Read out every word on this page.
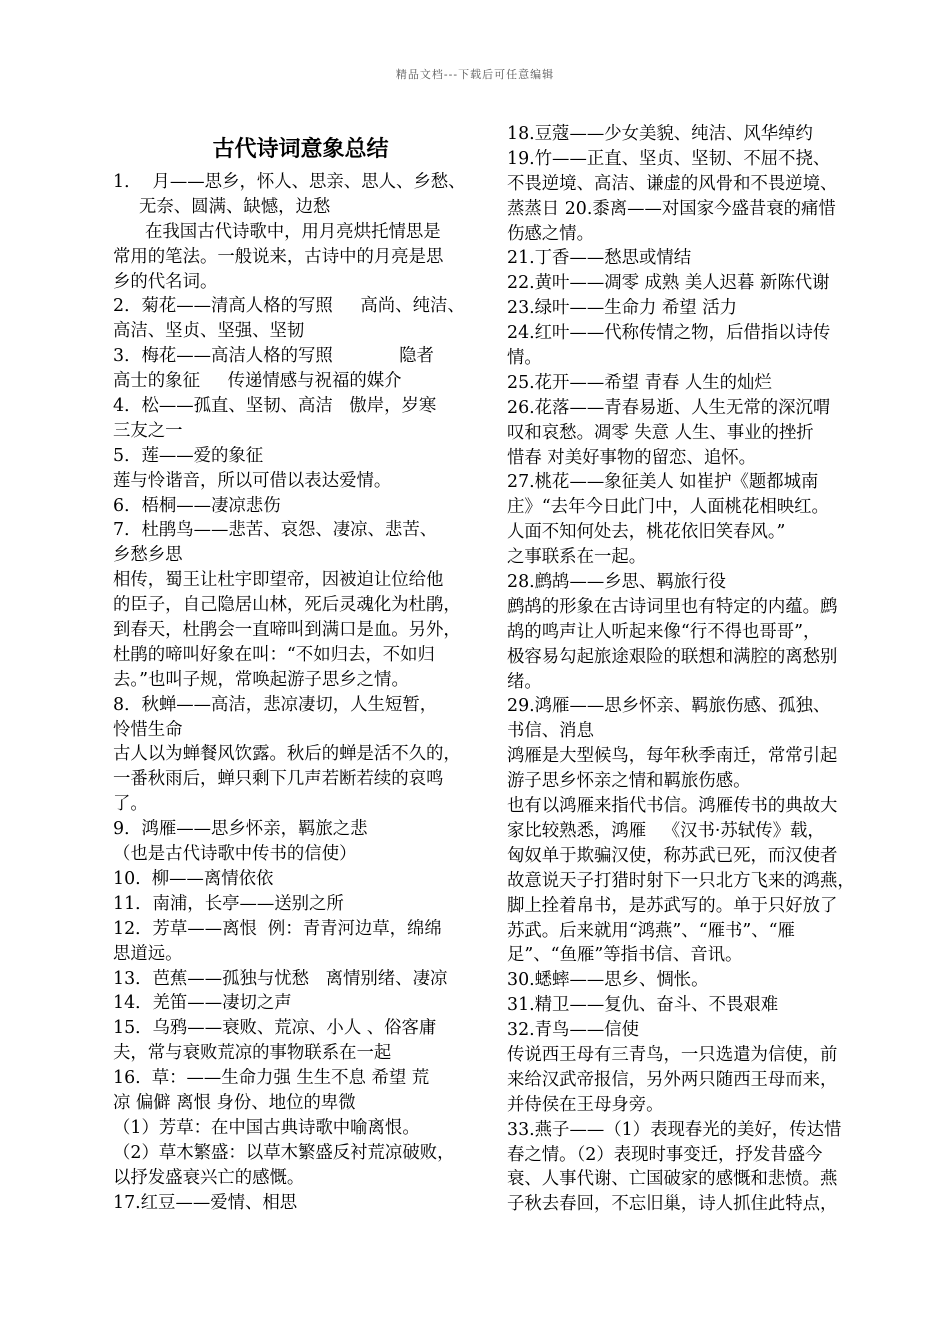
精品文档---下载后可任意编辑
古代诗词意象总结
1．  月——思乡，怀人、思亲、思人、乡愁、
无奈、圆满、缺憾，边愁
在我国古代诗歌中，用月亮烘托情思是
常用的笔法。一般说来，古诗中的月亮是思
乡的代名词。
2．菊花——清高人格的写照     高尚、纯洁、
高洁、坚贞、坚强、坚韧
3．梅花——高洁人格的写照            隐者
高士的象征     传递情感与祝福的媒介
4．松——孤直、坚韧、高洁   傲岸，岁寒
三友之一
5．莲——爱的象征
莲与怜谐音，所以可借以表达爱情。
6．梧桐——凄凉悲伤
7．杜鹃鸟——悲苦、哀怨、凄凉、悲苦、
乡愁乡思
相传，蜀王让杜宇即望帝，因被迫让位给他
的臣子，自己隐居山林，死后灵魂化为杜鹃，
到春天，杜鹃会一直啼叫到满口是血。另外，
杜鹃的啼叫好象在叫：“不如归去，不如归
去。”也叫子规，常唤起游子思乡之情。
8．秋蝉——高洁，悲凉凄切，人生短暂，
怜惜生命
古人以为蝉餐风饮露。秋后的蝉是活不久的，
一番秋雨后，蝉只剩下几声若断若续的哀鸣
了。
9．鸿雁——思乡怀亲，羁旅之悲
（也是古代诗歌中传书的信使）
10.  柳——离情依依
11．南浦，长亭——送别之所
12．芳草——离恨  例：青青河边草，绵绵
思道远。
13．芭蕉——孤独与忧愁   离情别绪、凄凉
14．羌笛——凄切之声
15．乌鸦——衰败、荒凉、小人 、俗客庸
夫，常与衰败荒凉的事物联系在一起
16.  草：——生命力强 生生不息 希望 荒
凉 偏僻 离恨 身份、地位的卑微
（1）芳草：在中国古典诗歌中喻离恨。
（2）草木繁盛：以草木繁盛反衬荒凉破败，
以抒发盛衰兴亡的感慨。
17.红豆——爱情、相思
18.豆蔻——少女美貌、纯洁、风华绰约
19.竹——正直、坚贞、坚韧、不屈不挠、
不畏逆境、高洁、谦虚的风骨和不畏逆境、
蒸蒸日 20.黍离——对国家今盛昔衰的痛惜
伤感之情。
21.丁香——愁思或情结
22.黄叶——凋零 成熟 美人迟暮 新陈代谢
23.绿叶——生命力 希望 活力
24.红叶——代称传情之物，后借指以诗传
情。
25.花开——希望 青春 人生的灿烂
26.花落——青春易逝、人生无常的深沉喟
叹和哀愁。凋零 失意 人生、事业的挫折
惜春 对美好事物的留恋、追怀。
27.桃花——象征美人 如崔护《题都城南
庄》“去年今日此门中，人面桃花相映红。
人面不知何处去，桃花依旧笑春风。”
之事联系在一起。
28.鹧鸪——乡思、羁旅行役
鹧鸪的形象在古诗词里也有特定的内蕴。鹧
鸪的鸣声让人听起来像“行不得也哥哥”，
极容易勾起旅途艰险的联想和满腔的离愁别
绪。
29.鸿雁——思乡怀亲、羁旅伤感、孤独、
书信、消息
鸿雁是大型候鸟，每年秋季南迁，常常引起
游子思乡怀亲之情和羁旅伤感。
也有以鸿雁来指代书信。鸿雁传书的典故大
家比较熟悉，鸿雁   《汉书·苏轼传》载，
匈奴单于欺骗汉使，称苏武已死，而汉使者
故意说天子打猎时射下一只北方飞来的鸿燕，
脚上拴着帛书，是苏武写的。单于只好放了
苏武。后来就用“鸿燕”、“雁书”、“雁
足”、“鱼雁”等指书信、音讯。
30.蟋蟀——思乡、惆怅。
31.精卫——复仇、奋斗、不畏艰难
32.青鸟——信使
传说西王母有三青鸟，一只选遣为信使，前
来给汉武帝报信，另外两只随西王母而来，
并侍侯在王母身旁。
33.燕子——（1）表现春光的美好，传达惜
春之情。（2）表现时事变迁，抒发昔盛今
衰、人事代谢、亡国破家的感慨和悲愤。燕
子秋去春回，不忘旧巢，诗人抓住此特点，
